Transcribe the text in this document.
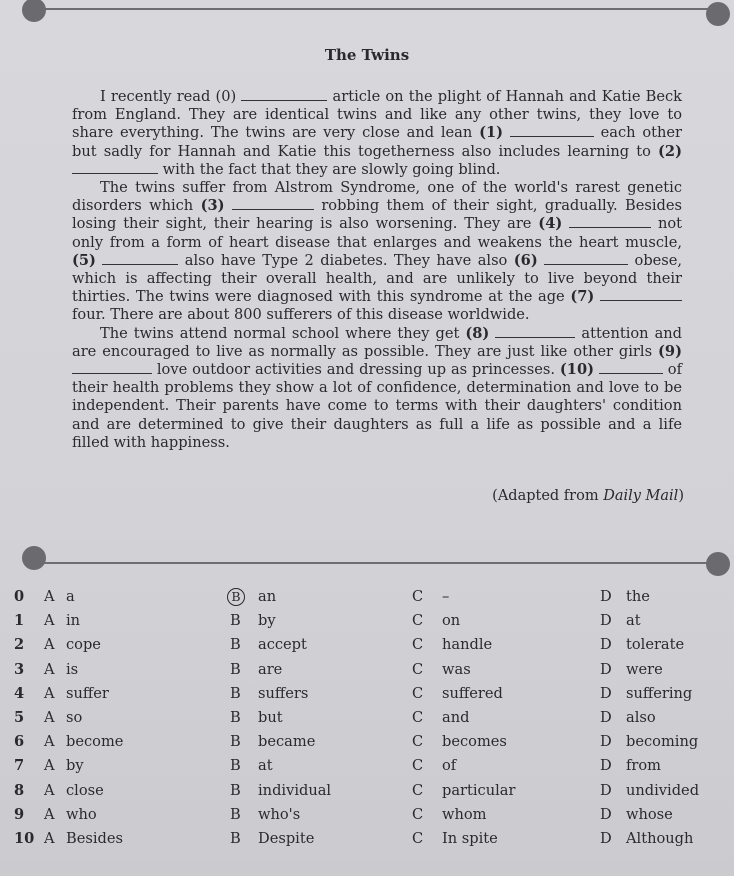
The Twins

I recently read (0)	article on the plight of Hannah and Katie Beck from England. They are identical twins and like any other twins, they love to share everything. The twins are very close and lean (1)	each other but sadly for Hannah and Katie this togetherness also includes learning to (2)  with the fact that they are slowly going blind.

The twins suffer from Alstrom Syndrome, one of the world's rarest genetic disorders which (3)	robbing them of their sight, gradually. Besides losing their sight, their hearing is also worsening. They are (4)	not only from a form of heart disease that enlarges and weakens the heart muscle, (5)	also have Type 2 diabetes. They have also (6)	obese, which is affecting their overall health, and are unlikely to live beyond their thirties. The twins were diagnosed with this syndrome at the age (7)  four. There are about 800 sufferers of this disease worldwide.

The twins attend normal school where they get (8)	attention and are encouraged to live as normally as possible. They are just like other girls (9)  love outdoor activities and dressing up as princesses. (10)	of their health problems they show a lot of confidence, determination and love to be independent. Their parents have come to terms with their daughters' condition and are determined to give their daughters as full a life as possible and a life filled with happiness.

(Adapted from Daily Mail)
0	A a	B	an	C –	D the
1	A in	B by	C on	D at
2	A cope	B accept	C handle	D tolerate
3	A is	B are	C was	D were
4	A suffer	B suffers	C suffered	D suffering
5	A so	B but	C and	D also
6	A become	B became	C becomes	D becoming
7	A by	B at	C of	D from
8	A close	B individual	C particular	D undivided
9	A who	B who's	C whom	D whose
10 A Besides	B Despite	C In spite	D Although
